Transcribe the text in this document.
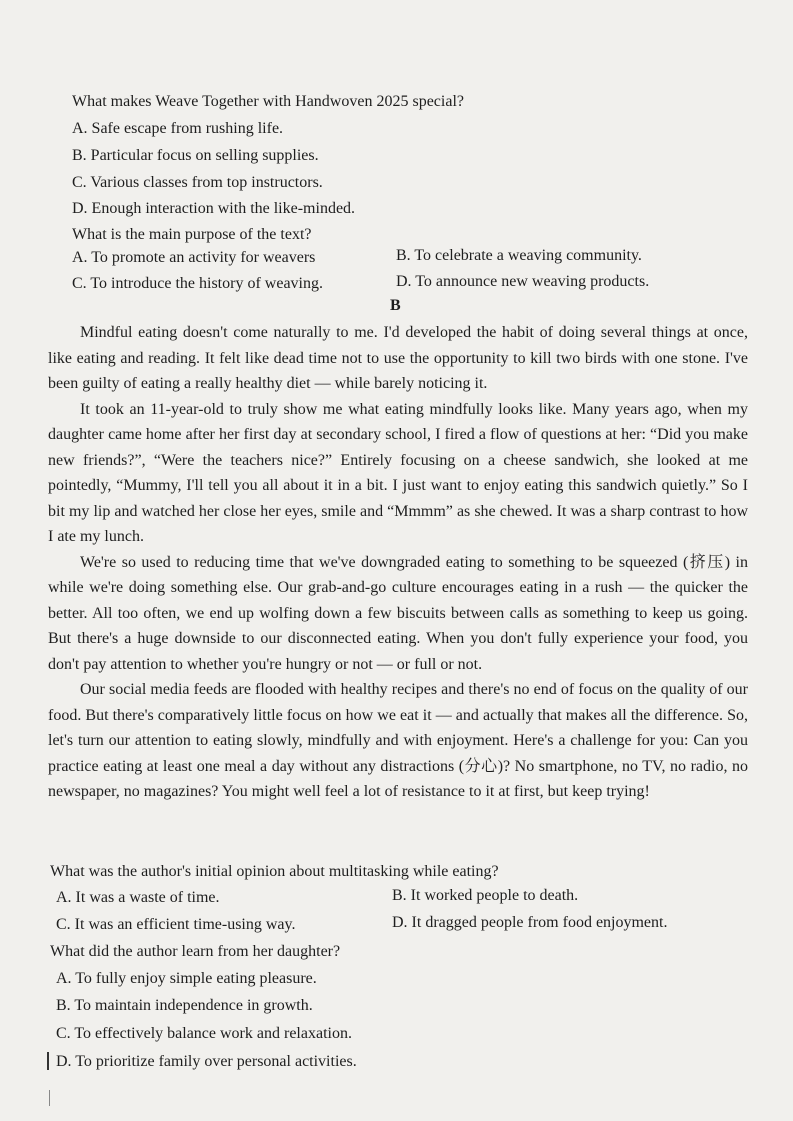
What makes Weave Together with Handwoven 2025 special?
A. Safe escape from rushing life.
B. Particular focus on selling supplies.
C. Various classes from top instructors.
D. Enough interaction with the like-minded.
What is the main purpose of the text?
A. To promote an activity for weavers	B. To celebrate a weaving community.
C. To introduce the history of weaving.	D. To announce new weaving products.
B

Mindful eating doesn't come naturally to me. I'd developed the habit of doing several things at once, like eating and reading. It felt like dead time not to use the opportunity to kill two birds with one stone. I've been guilty of eating a really healthy diet — while barely noticing it.

It took an 11-year-old to truly show me what eating mindfully looks like. Many years ago, when my daughter came home after her first day at secondary school, I fired a flow of questions at her: “Did you make new friends?”, “Were the teachers nice?” Entirely focusing on a cheese sandwich, she looked at me pointedly, “Mummy, I'll tell you all about it in a bit. I just want to enjoy eating this sandwich quietly.” So I bit my lip and watched her close her eyes, smile and “Mmmm” as she chewed. It was a sharp contrast to how I ate my lunch.

We're so used to reducing time that we've downgraded eating to something to be squeezed (挤压) in while we're doing something else. Our grab-and-go culture encourages eating in a rush — the quicker the better. All too often, we end up wolfing down a few biscuits between calls as something to keep us going. But there's a huge downside to our disconnected eating. When you don't fully experience your food, you don't pay attention to whether you're hungry or not — or full or not.

Our social media feeds are flooded with healthy recipes and there's no end of focus on the quality of our food. But there's comparatively little focus on how we eat it — and actually that makes all the difference. So, let's turn our attention to eating slowly, mindfully and with enjoyment. Here's a challenge for you: Can you practice eating at least one meal a day without any distractions (分心)? No smartphone, no TV, no radio, no newspaper, no magazines? You might well feel a lot of resistance to it at first, but keep trying!

What was the author's initial opinion about multitasking while eating?
A. It was a waste of time.	B. It worked people to death.
C. It was an efficient time-using way.	D. It dragged people from food enjoyment.
What did the author learn from her daughter?
A. To fully enjoy simple eating pleasure.
B. To maintain independence in growth.
C. To effectively balance work and relaxation.
D. To prioritize family over personal activities.
